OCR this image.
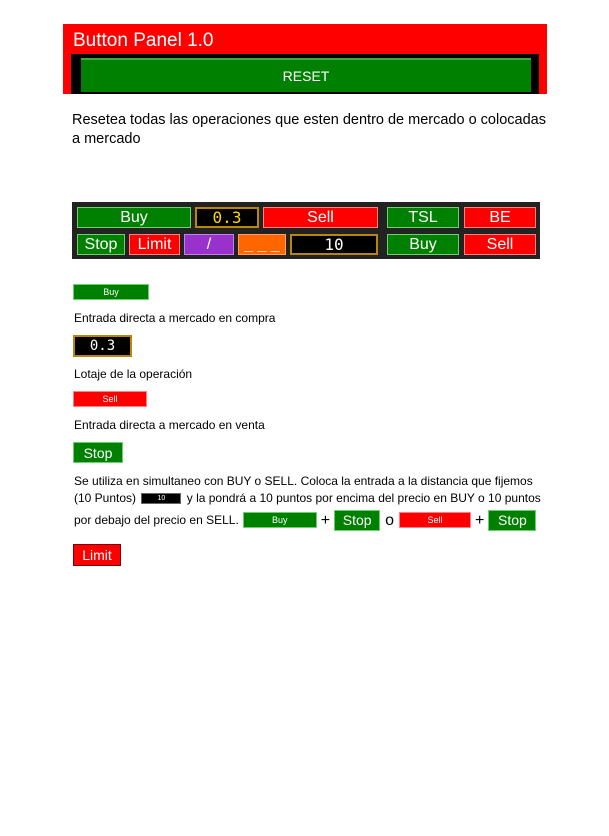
Button Panel 1.0
RESET
Resetea todas las operaciones que esten dentro de mercado o colocadas a mercado
Buy	0.3	Sell	TSL	BE
Stop	Limit	/	_ _ _	10	Buy	Sell
Buy
Entrada directa a mercado en compra
0.3
Lotaje de la operación
Sell
Entrada directa a mercado en venta
Stop
Se utiliza en simultaneo con BUY o SELL. Coloca la entrada a la distancia que fijemos
(10 Puntos)	10 y la pondrá a 10 puntos por encima del precio en BUY o 10 puntos
por debajo del precio en SELL.	Buy	+ Stop o	Sell	+ Stop
Limit
